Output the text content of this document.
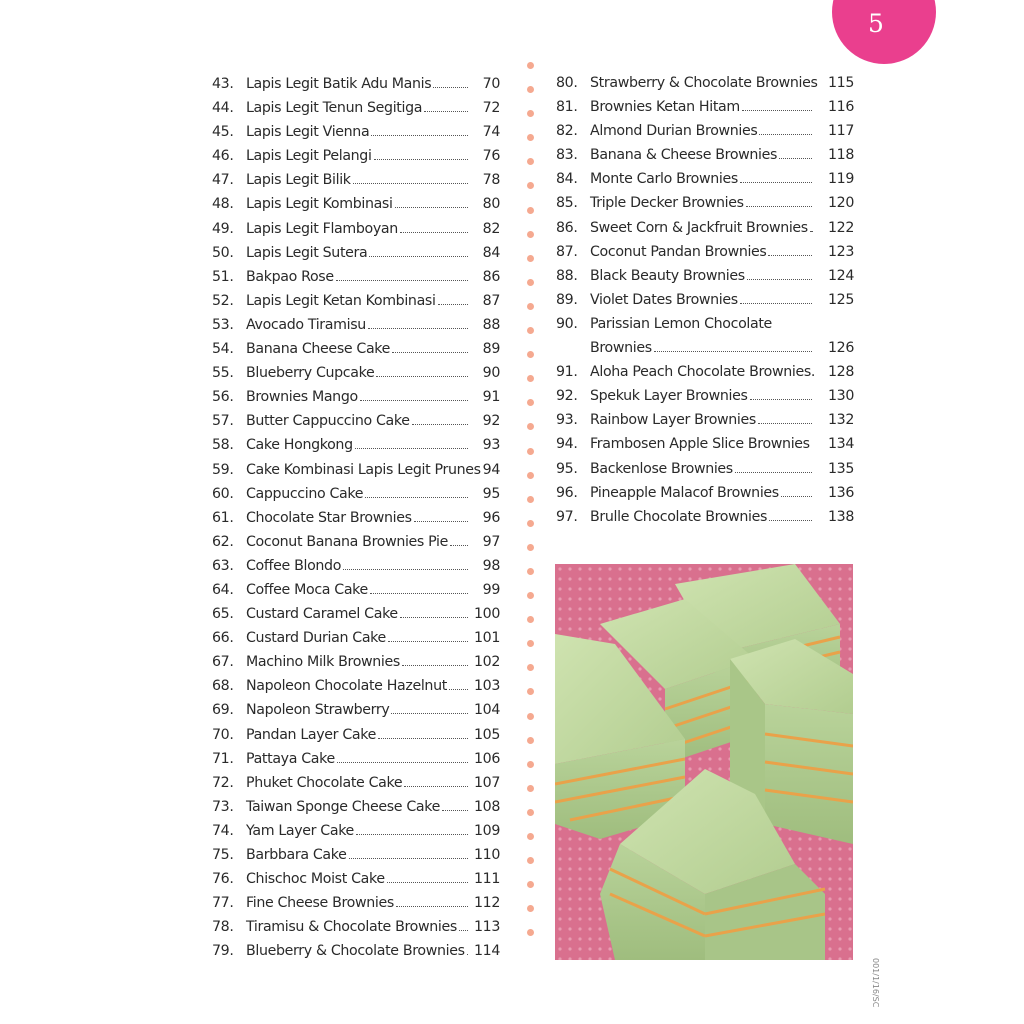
5
43. Lapis Legit Batik Adu Manis	70
44. Lapis Legit Tenun Segitiga	72
45. Lapis Legit Vienna	74
46. Lapis Legit Pelangi	76
47. Lapis Legit Bilik	78
48. Lapis Legit Kombinasi	80
49. Lapis Legit Flamboyan	82
50. Lapis Legit Sutera	84
51. Bakpao Rose	86
52. Lapis Legit Ketan Kombinasi	87
53. Avocado Tiramisu	88
54. Banana Cheese Cake	89
55. Blueberry Cupcake	90
56. Brownies Mango	91
57. Butter Cappuccino Cake	92
58. Cake Hongkong	93
59. Cake Kombinasi Lapis Legit Prunes 94
60. Cappuccino Cake	95
61. Chocolate Star Brownies	96
62. Coconut Banana Brownies Pie 97
63. Coffee Blondo	98
64. Coffee Moca Cake	99
65. Custard Caramel Cake	100
66. Custard Durian Cake	101
67. Machino Milk Brownies	102
68. Napoleon Chocolate Hazelnut 103
69. Napoleon Strawberry	104
70. Pandan Layer Cake	105
71. Pattaya Cake	106
72. Phuket Chocolate Cake	107
73. Taiwan Sponge Cheese Cake 108
74. Yam Layer Cake	109
75. Barbbara Cake	110
76. Chischoc Moist Cake	111
77. Fine Cheese Brownies	112
78. Tiramisu & Chocolate Brownies 113
79. Blueberry & Chocolate Brownies 114
80. Strawberry & Chocolate Brownies 115
81. Brownies Ketan Hitam	116
82. Almond Durian Brownies	117
83. Banana & Cheese Brownies	118
84. Monte Carlo Brownies	119
85. Triple Decker Brownies	120
86. Sweet Corn & Jackfruit Brownies 122
87. Coconut Pandan Brownies	123
88. Black Beauty Brownies	124
89. Violet Dates Brownies	125
90. Parissian Lemon Chocolate
Brownies	126
91. Aloha Peach Chocolate Brownies. 128
92. Spekuk Layer Brownies	130
93. Rainbow Layer Brownies	132
94. Frambosen Apple Slice Brownies 134
95. Backenlose Brownies	135
96. Pineapple Malacof Brownies	136
97. Brulle Chocolate Brownies	138
001/1/16/SC
